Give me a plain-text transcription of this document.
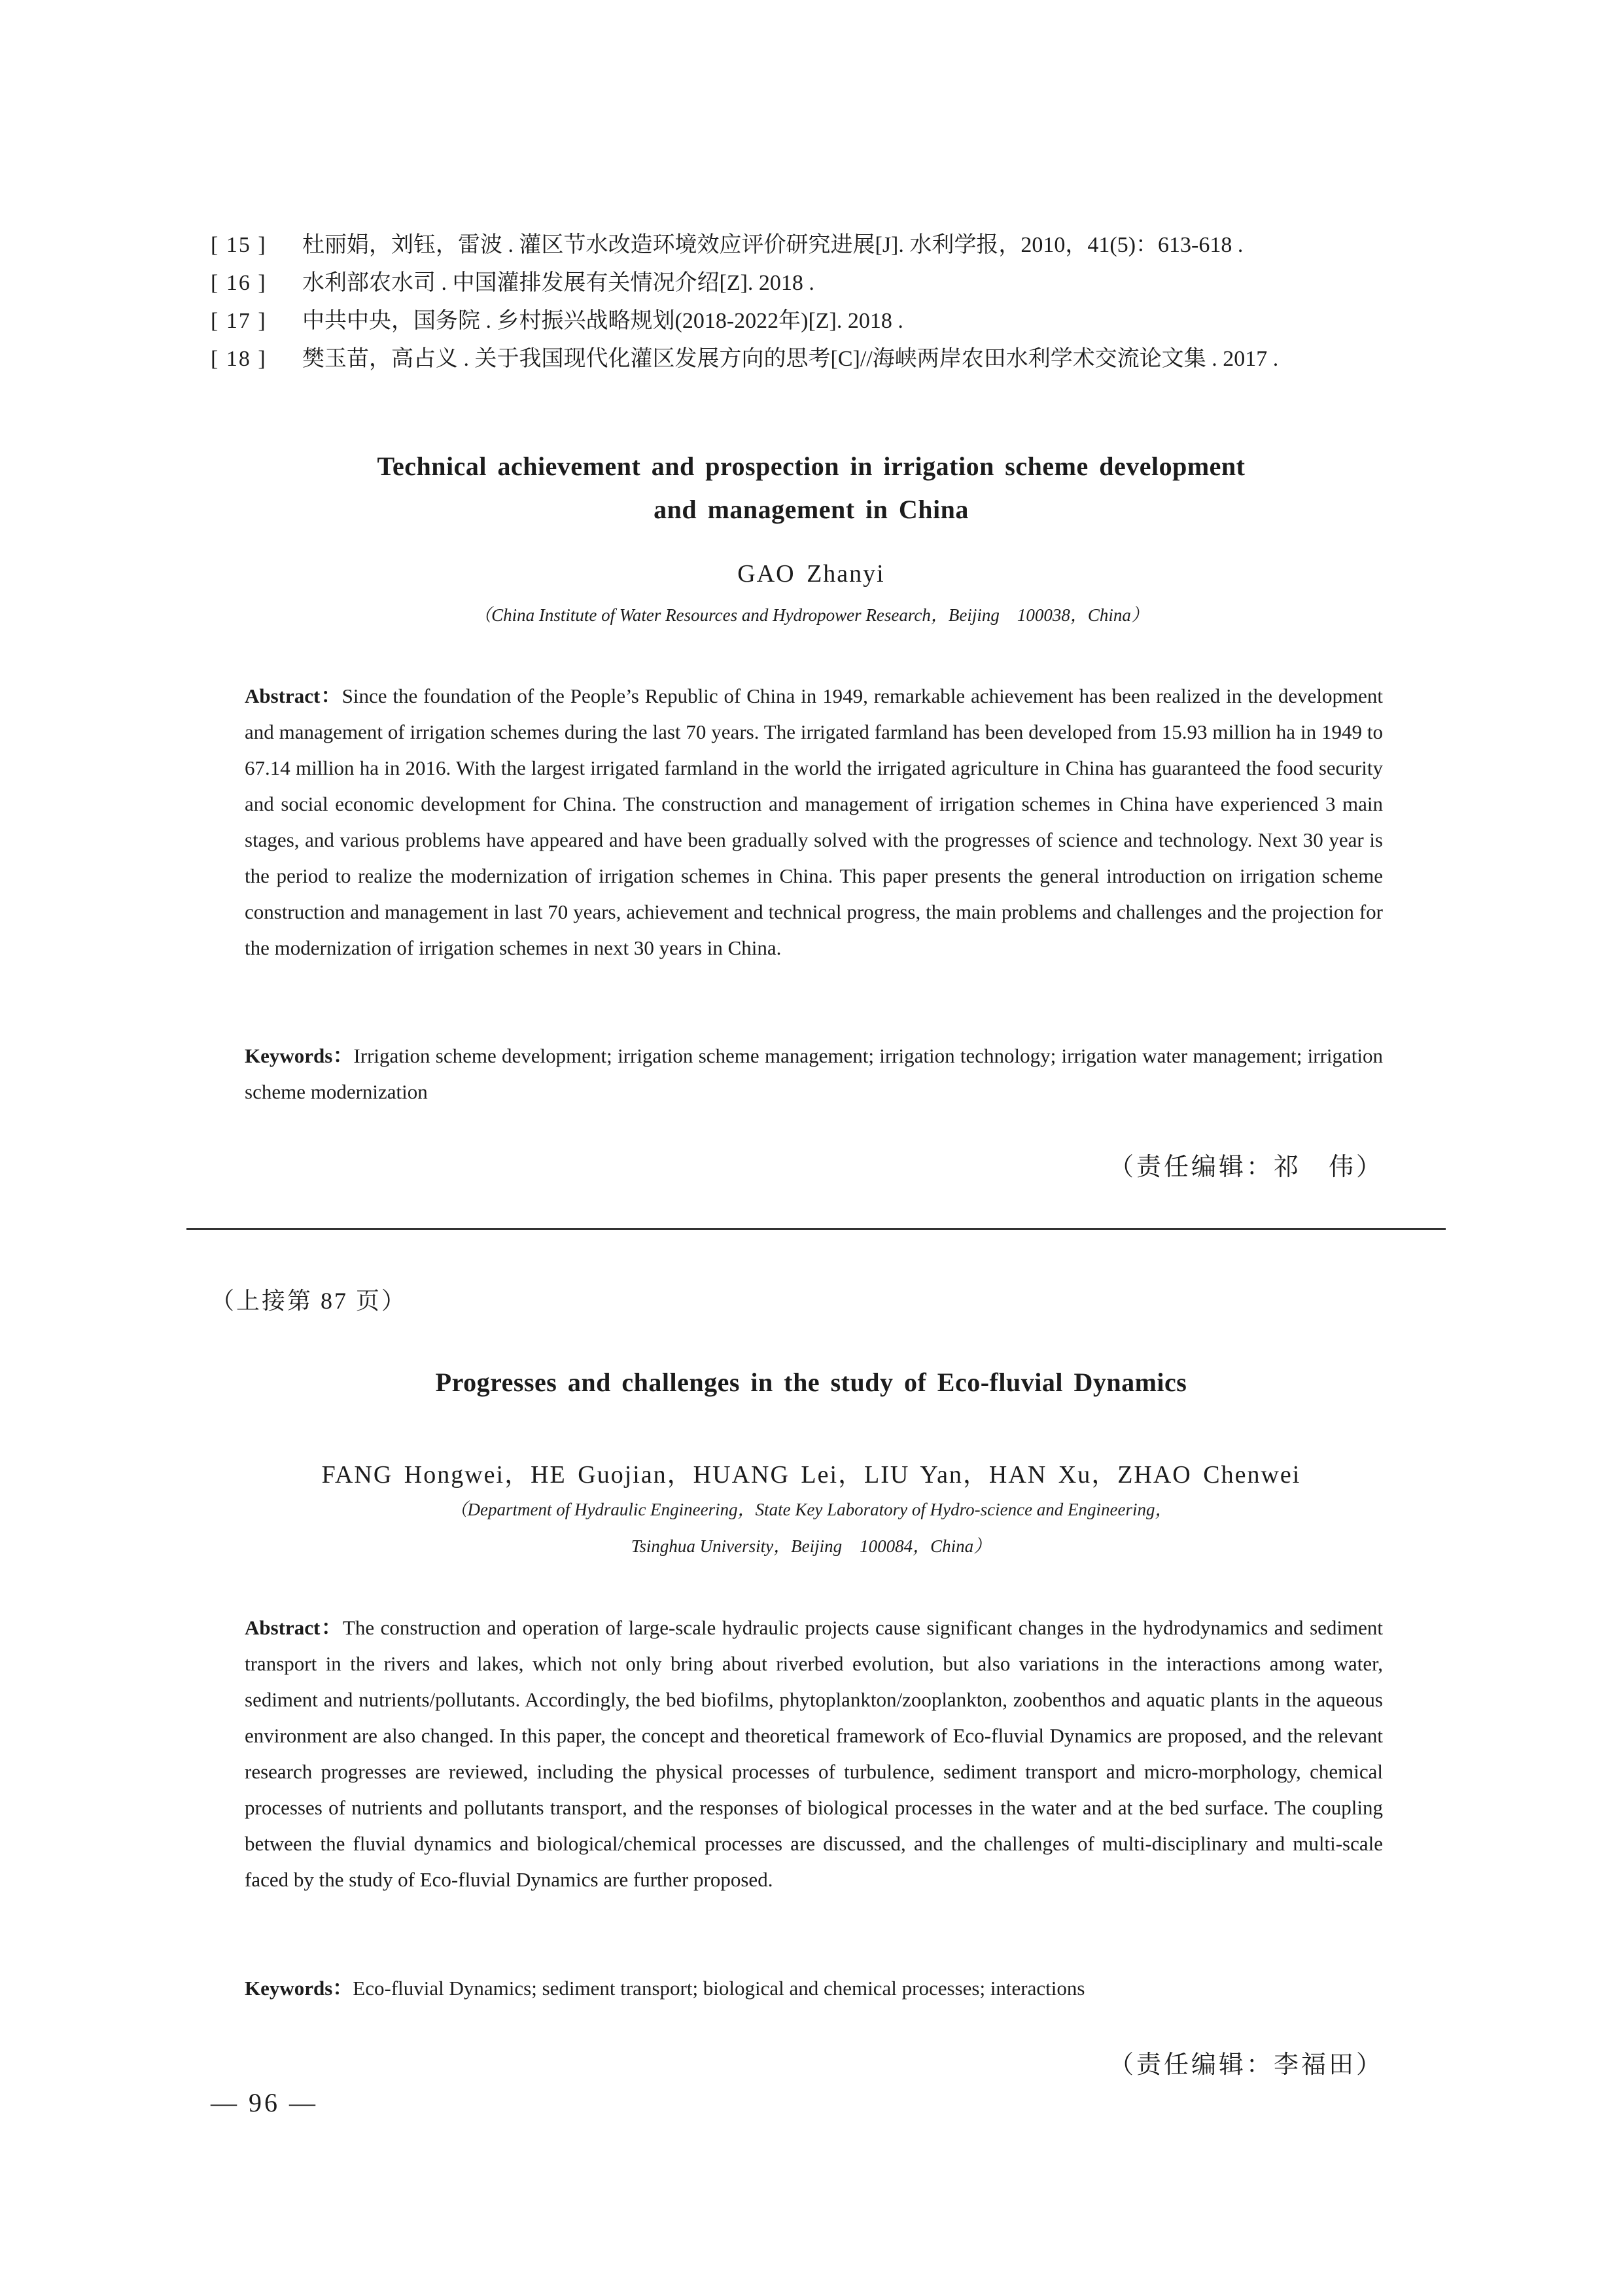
[ 15 ]	杜丽娟，刘钰，雷波 . 灌区节水改造环境效应评价研究进展[J]. 水利学报，2010，41(5)：613-618 .
[ 16 ]	水利部农水司 . 中国灌排发展有关情况介绍[Z]. 2018 .
[ 17 ]	中共中央，国务院 . 乡村振兴战略规划(2018-2022年)[Z]. 2018 .
[ 18 ]	樊玉苗，高占义 . 关于我国现代化灌区发展方向的思考[C]//海峡两岸农田水利学术交流论文集 . 2017 .
Technical achievement and prospection in irrigation scheme development
and management in China
GAO Zhanyi
（China Institute of Water Resources and Hydropower Research，Beijing　100038，China）
Abstract：Since the foundation of the People’s Republic of China in 1949, remarkable achievement has been realized in the development and management of irrigation schemes during the last 70 years. The irrigated farmland has been developed from 15.93 million ha in 1949 to 67.14 million ha in 2016. With the largest irrigated farmland in the world the irrigated agriculture in China has guaranteed the food security and social economic development for China. The construction and management of irrigation schemes in China have experienced 3 main stages, and various problems have appeared and have been gradually solved with the progresses of science and technology. Next 30 year is the period to realize the modernization of irrigation schemes in China. This paper presents the general introduction on irrigation scheme construction and management in last 70 years, achievement and technical progress, the main problems and challenges and the projection for the modernization of irrigation schemes in next 30 years in China.
Keywords：Irrigation scheme development; irrigation scheme management; irrigation technology; irrigation water management; irrigation scheme modernization
（责任编辑：祁　伟）
（上接第 87 页）
Progresses and challenges in the study of Eco-fluvial Dynamics
FANG Hongwei，HE Guojian，HUANG Lei，LIU Yan，HAN Xu，ZHAO Chenwei
（Department of Hydraulic Engineering，State Key Laboratory of Hydro-science and Engineering，
Tsinghua University，Beijing　100084，China）
Abstract：The construction and operation of large-scale hydraulic projects cause significant changes in the hydrodynamics and sediment transport in the rivers and lakes, which not only bring about riverbed evolution, but also variations in the interactions among water, sediment and nutrients/pollutants. Accordingly, the bed biofilms, phytoplankton/zooplankton, zoobenthos and aquatic plants in the aqueous environment are also changed. In this paper, the concept and theoretical framework of Eco-fluvial Dynamics are proposed, and the relevant research progresses are reviewed, including the physical processes of turbulence, sediment transport and micro-morphology, chemical processes of nutrients and pollutants transport, and the responses of biological processes in the water and at the bed surface. The coupling between the fluvial dynamics and biological/chemical processes are discussed, and the challenges of multi-disciplinary and multi-scale faced by the study of Eco-fluvial Dynamics are further proposed.
Keywords：Eco-fluvial Dynamics; sediment transport; biological and chemical processes; interactions
（责任编辑：李福田）
— 96 —
